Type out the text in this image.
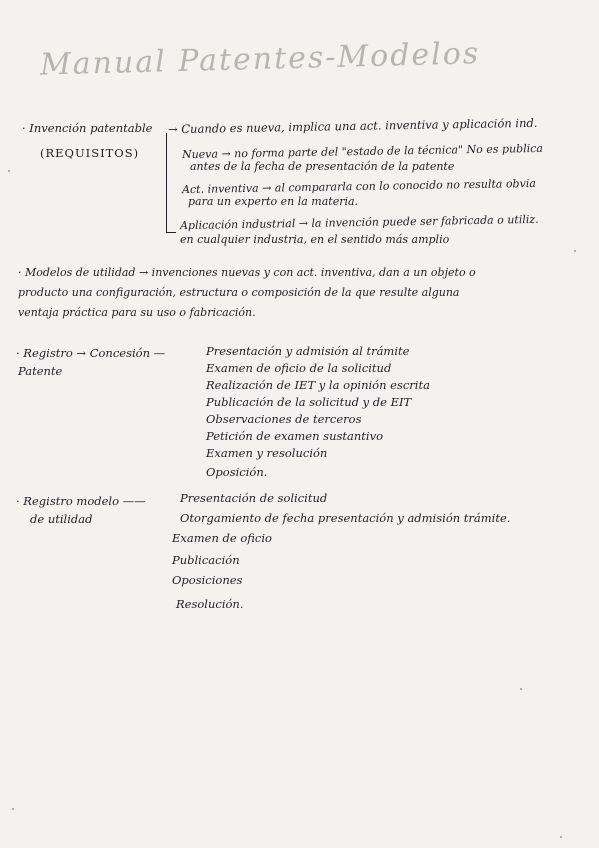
Manual Patentes-Modelos
· Invención patentable
(REQUISITOS)
→ Cuando es nueva, implica una act. inventiva y aplicación ind.
Nueva → no forma parte del "estado de la técnica" No es publica
antes de la fecha de presentación de la patente
Act. inventiva → al compararla con lo conocido no resulta obvia
para un experto en la materia.
Aplicación industrial → la invención puede ser fabricada o utiliz.
en cualquier industria, en el sentido más amplio
· Modelos de utilidad → invenciones nuevas y con act. inventiva, dan a un objeto o
producto una configuración, estructura o composición de la que resulte alguna
ventaja práctica para su uso o fabricación.
· Registro → Concesión —
Patente
Presentación y admisión al trámite
Examen de oficio de la solicitud
Realización de IET y la opinión escrita
Publicación de la solicitud y de EIT
Observaciones de terceros
Petición de examen sustantivo
Examen y resolución
Oposición.
· Registro modelo ——
de utilidad
Presentación de solicitud
Otorgamiento de fecha presentación y admisión trámite.
Examen de oficio
Publicación
Oposiciones
Resolución.
